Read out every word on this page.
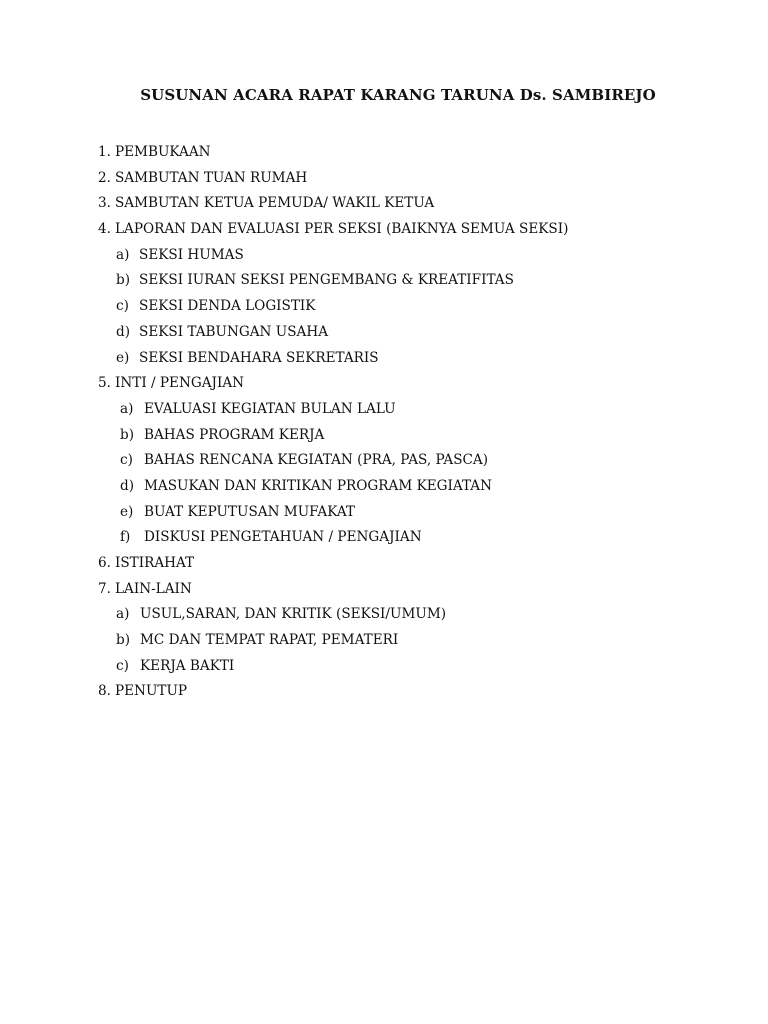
SUSUNAN ACARA RAPAT KARANG TARUNA Ds. SAMBIREJO
1. PEMBUKAAN
2. SAMBUTAN TUAN RUMAH
3. SAMBUTAN KETUA PEMUDA/ WAKIL KETUA
4. LAPORAN DAN EVALUASI PER SEKSI (BAIKNYA SEMUA SEKSI)
a) SEKSI HUMAS
b) SEKSI IURAN SEKSI PENGEMBANG & KREATIFITAS
c) SEKSI DENDA LOGISTIK
d) SEKSI TABUNGAN USAHA
e) SEKSI BENDAHARA SEKRETARIS
5. INTI / PENGAJIAN
a) EVALUASI KEGIATAN BULAN LALU
b) BAHAS PROGRAM KERJA
c) BAHAS RENCANA KEGIATAN (PRA, PAS, PASCA)
d) MASUKAN DAN KRITIKAN PROGRAM KEGIATAN
e) BUAT KEPUTUSAN MUFAKAT
f)	DISKUSI PENGETAHUAN / PENGAJIAN
6. ISTIRAHAT
7. LAIN-LAIN
a) USUL,SARAN, DAN KRITIK (SEKSI/UMUM)
b) MC DAN TEMPAT RAPAT, PEMATERI
c) KERJA BAKTI
8. PENUTUP
